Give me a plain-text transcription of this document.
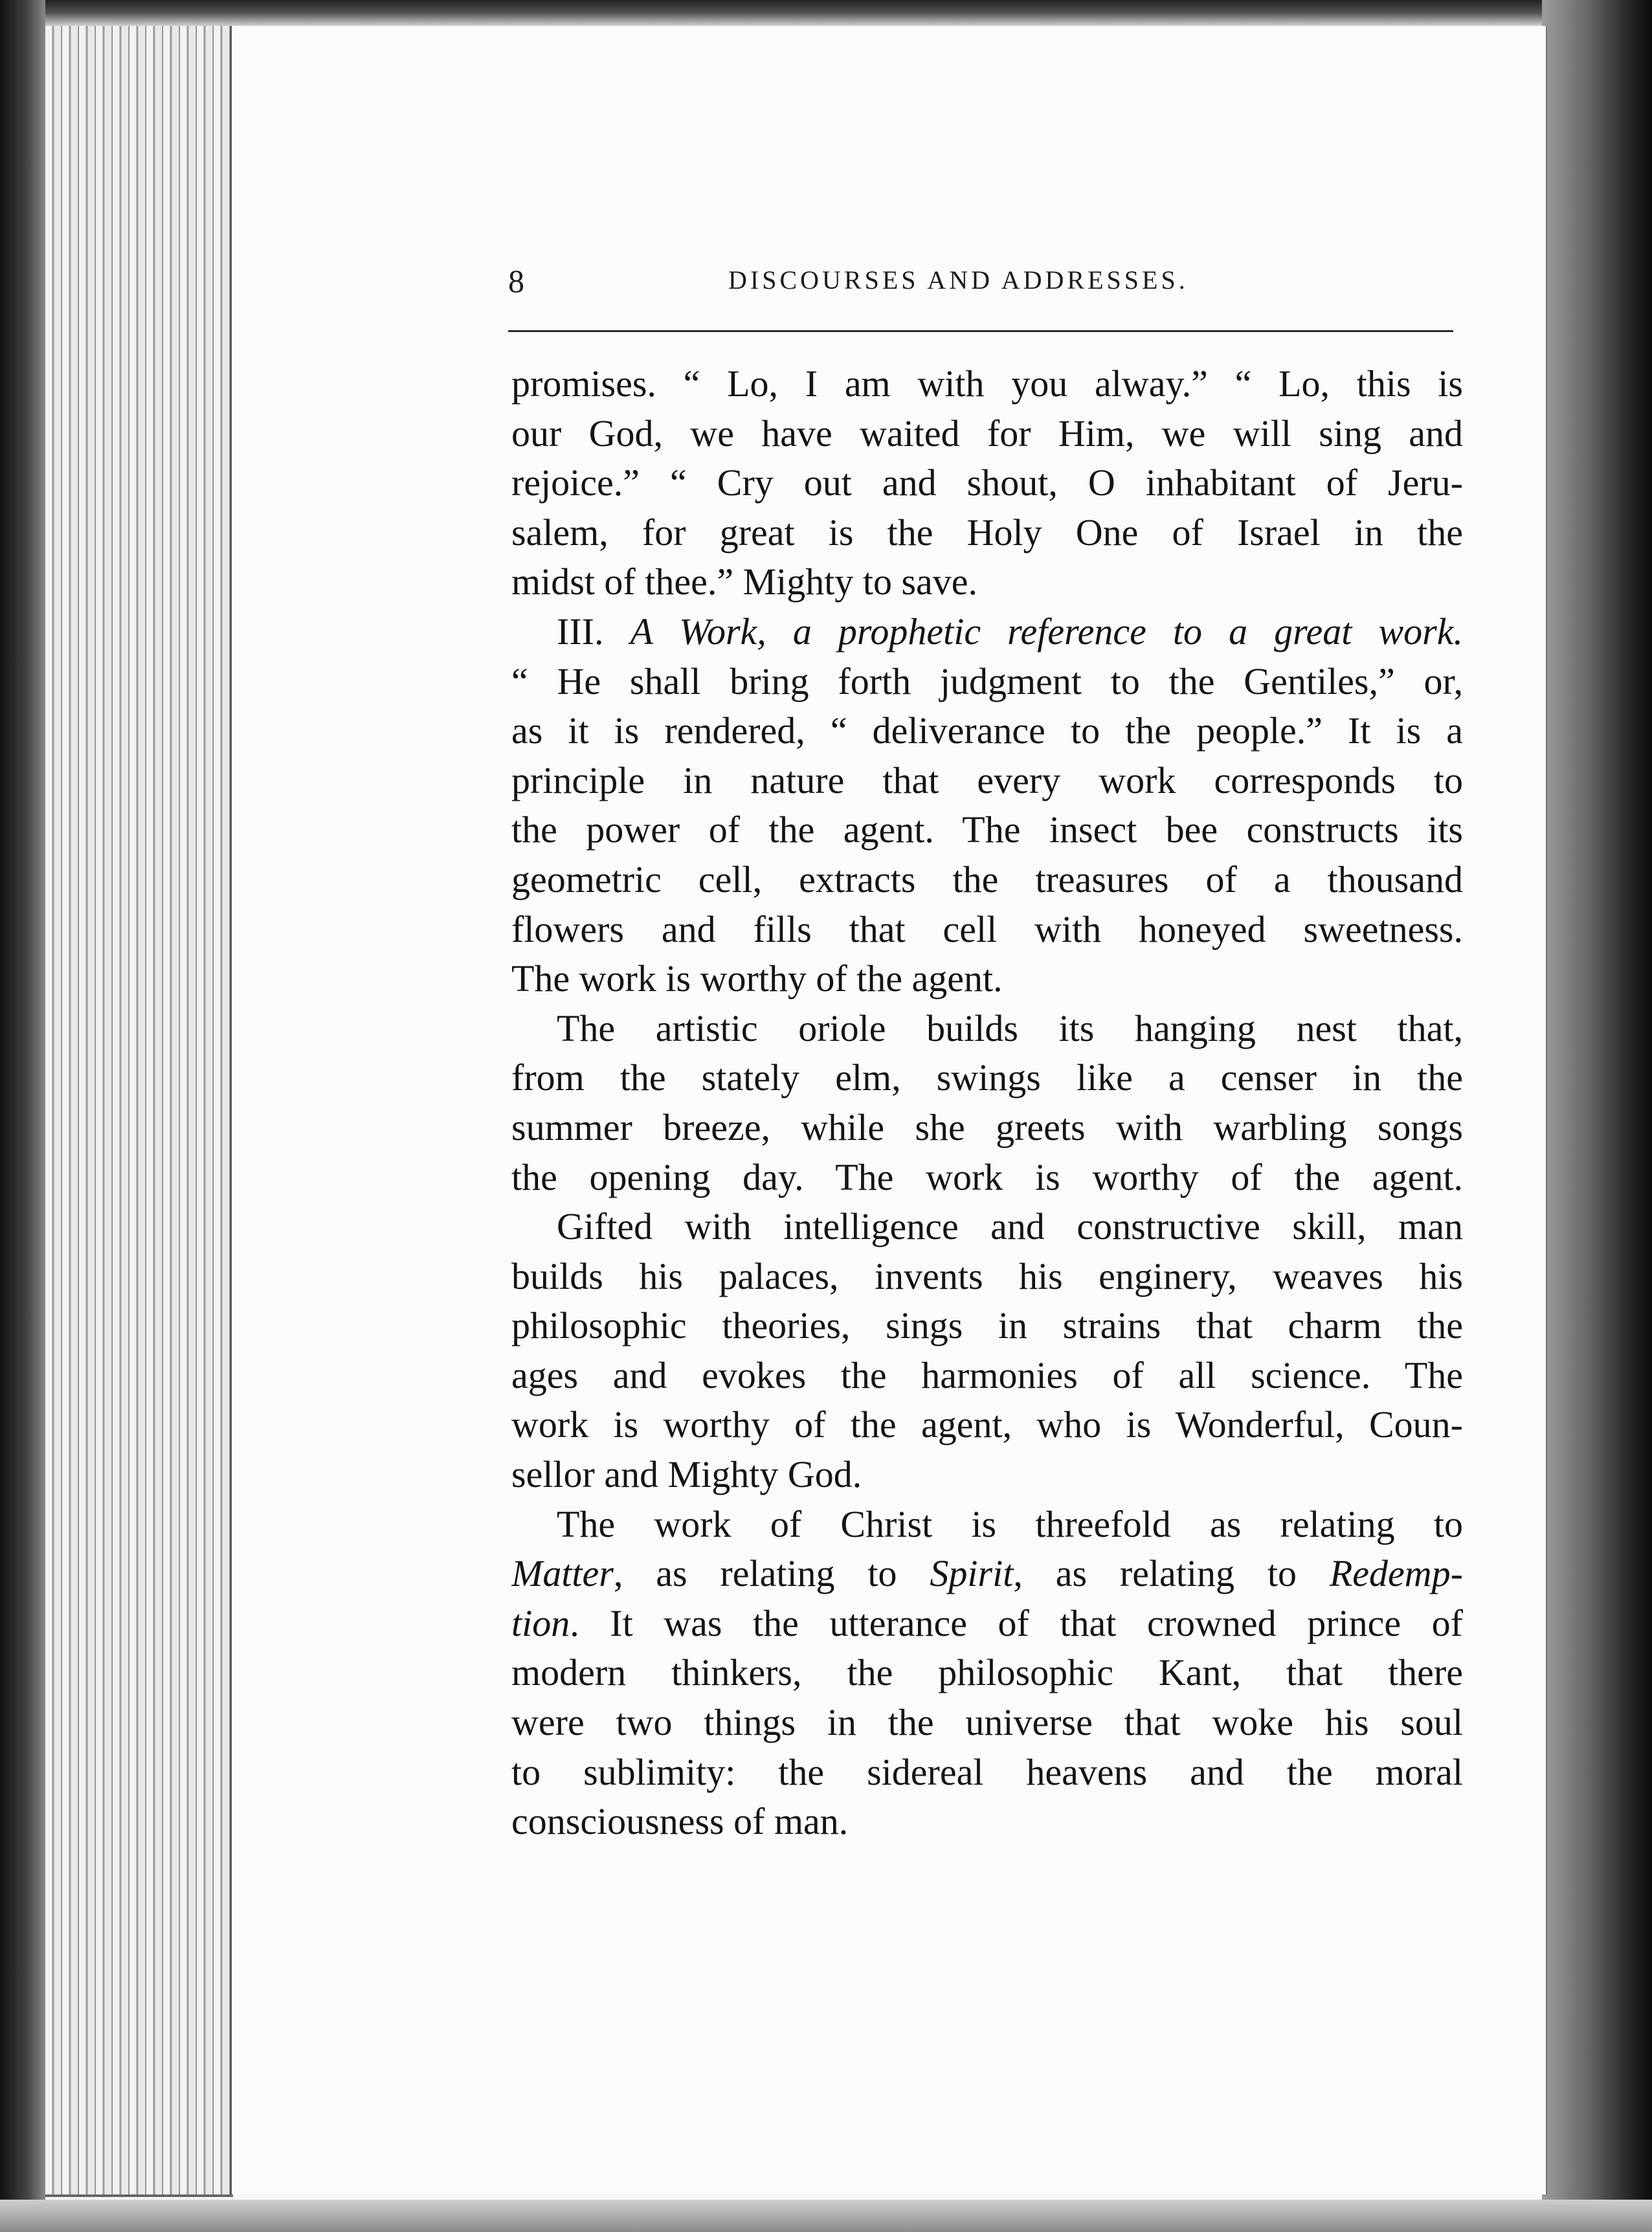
8	DISCOURSES AND ADDRESSES.
promises. “ Lo, I am with you alway.” “ Lo, this is
our God, we have waited for Him, we will sing and
rejoice.” “ Cry out and shout, O inhabitant of Jeru-
salem, for great is the Holy One of Israel in the
midst of thee.” Mighty to save.
III. A Work, a prophetic reference to a great work.
“ He shall bring forth judgment to the Gentiles,” or,
as it is rendered, “ deliverance to the people.” It is a
principle in nature that every work corresponds to
the power of the agent. The insect bee constructs its
geometric cell, extracts the treasures of a thousand
flowers and fills that cell with honeyed sweetness.
The work is worthy of the agent.
The artistic oriole builds its hanging nest that,
from the stately elm, swings like a censer in the
summer breeze, while she greets with warbling songs
the opening day. The work is worthy of the agent.
Gifted with intelligence and constructive skill, man
builds his palaces, invents his enginery, weaves his
philosophic theories, sings in strains that charm the
ages and evokes the harmonies of all science. The
work is worthy of the agent, who is Wonderful, Coun-
sellor and Mighty God.
The work of Christ is threefold as relating to
Matter, as relating to Spirit, as relating to Redemp-
tion. It was the utterance of that crowned prince of
modern thinkers, the philosophic Kant, that there
were two things in the universe that woke his soul
to sublimity: the sidereal heavens and the moral
consciousness of man.
